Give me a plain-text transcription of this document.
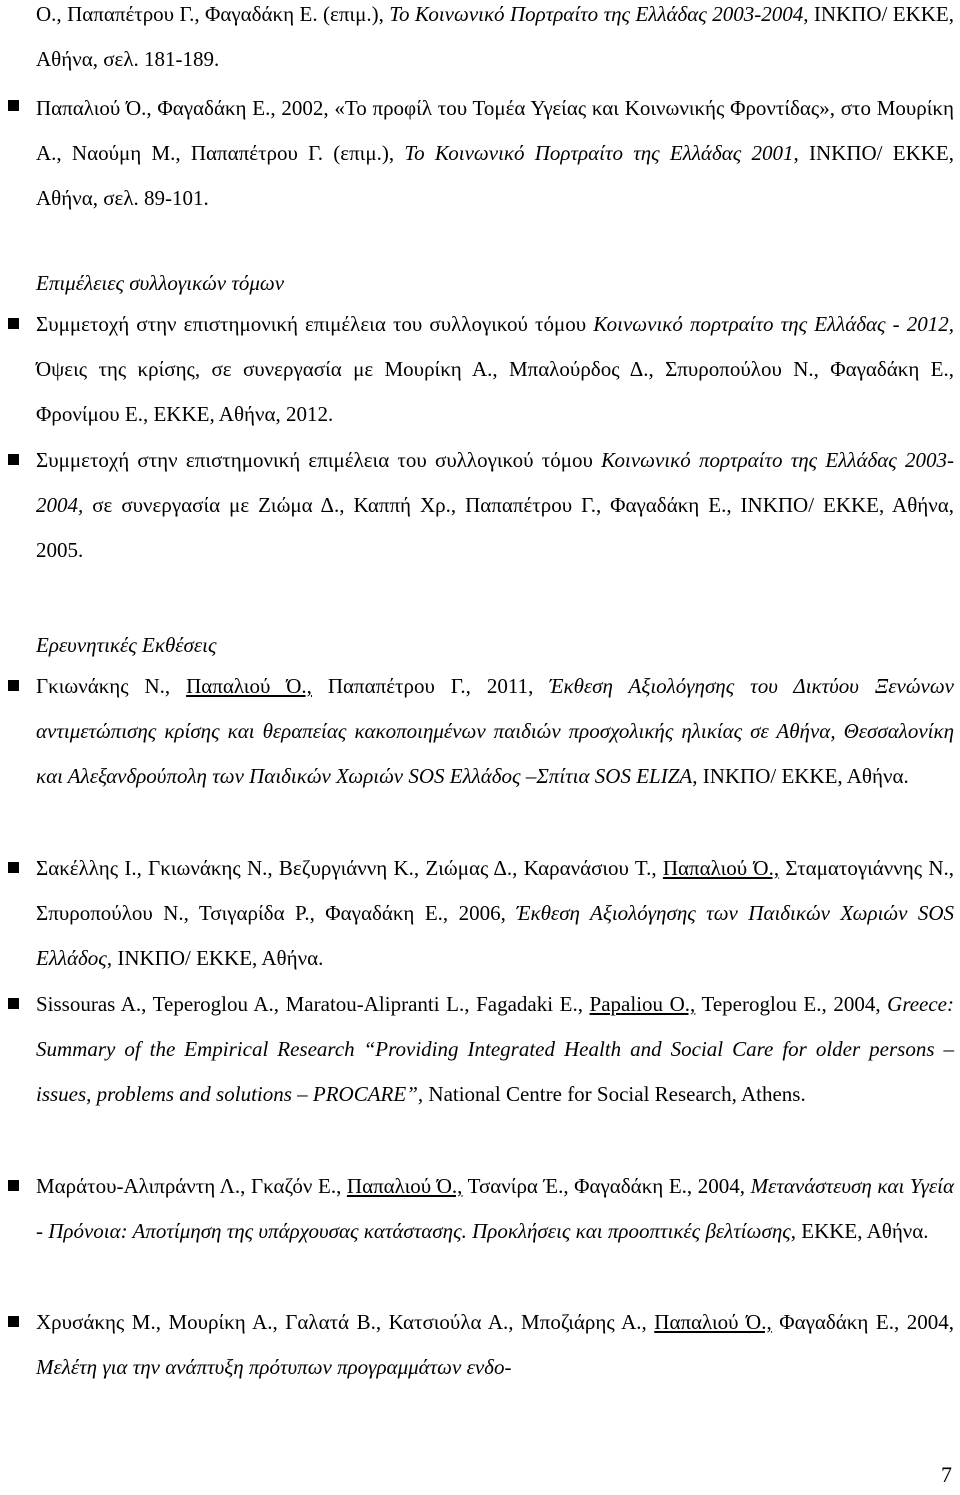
Ο., Παπαπέτρου Γ., Φαγαδάκη Ε. (επιμ.), Το Κοινωνικό Πορτραίτο της Ελλάδας 2003-2004, ΙΝΚΠΟ/ ΕΚΚΕ, Αθήνα, σελ. 181-189.

Παπαλιού Ό., Φαγαδάκη Ε., 2002, «Το προφίλ του Τομέα Υγείας και Κοινωνικής Φροντίδας», στο Μουρίκη Α., Ναούμη Μ., Παπαπέτρου Γ. (επιμ.), Το Κοινωνικό Πορτραίτο της Ελλάδας 2001, ΙΝΚΠΟ/ ΕΚΚΕ, Αθήνα, σελ. 89-101.

Επιμέλειες συλλογικών τόμων

Συμμετοχή στην επιστημονική επιμέλεια του συλλογικού τόμου Κοινωνικό πορτραίτο της Ελλάδας - 2012, Όψεις της κρίσης, σε συνεργασία με Μουρίκη Α., Μπαλούρδος Δ., Σπυροπούλου Ν., Φαγαδάκη Ε., Φρονίμου Ε., ΕΚΚΕ, Αθήνα, 2012.

Συμμετοχή στην επιστημονική επιμέλεια του συλλογικού τόμου Κοινωνικό πορτραίτο της Ελλάδας 2003-2004, σε συνεργασία με Ζιώμα Δ., Καππή Χρ., Παπαπέτρου Γ., Φαγαδάκη Ε., ΙΝΚΠΟ/ ΕΚΚΕ, Αθήνα, 2005.

Ερευνητικές Εκθέσεις

Γκιωνάκης Ν., Παπαλιού Ό., Παπαπέτρου Γ., 2011, Έκθεση Αξιολόγησης του Δικτύου Ξενώνων αντιμετώπισης κρίσης και θεραπείας κακοποιημένων παιδιών προσχολικής ηλικίας σε Αθήνα, Θεσσαλονίκη και Αλεξανδρούπολη των Παιδικών Χωριών SOS Ελλάδος –Σπίτια SOS ELIZA, ΙΝΚΠΟ/ ΕΚΚΕ, Αθήνα.

Σακέλλης Ι., Γκιωνάκης Ν., Βεζυργιάννη Κ., Ζιώμας Δ., Καρανάσιου Τ., Παπαλιού Ό., Σταματογιάννης Ν., Σπυροπούλου Ν., Τσιγαρίδα Ρ., Φαγαδάκη Ε., 2006, Έκθεση Αξιολόγησης των Παιδικών Χωριών SOS Ελλάδος, ΙΝΚΠΟ/ ΕΚΚΕ, Αθήνα.

Sissouras A., Teperoglou A., Maratou-Alipranti L., Fagadaki E., Papaliou O., Teperoglou E., 2004, Greece: Summary of the Empirical Research “Providing Integrated Health and Social Care for older persons – issues, problems and solutions – PROCARE”, National Centre for Social Research, Athens.

Μαράτου-Αλιπράντη Λ., Γκαζόν Ε., Παπαλιού Ό., Τσανίρα Έ., Φαγαδάκη Ε., 2004, Μετανάστευση και Υγεία - Πρόνοια: Αποτίμηση της υπάρχουσας κατάστασης. Προκλήσεις και προοπτικές βελτίωσης, ΕΚΚΕ, Αθήνα.

Χρυσάκης Μ., Μουρίκη Α., Γαλατά Β., Κατσιούλα Α., Μποζιάρης Α., Παπαλιού Ό., Φαγαδάκη Ε., 2004, Μελέτη για την ανάπτυξη πρότυπων προγραμμάτων ενδο-

7
